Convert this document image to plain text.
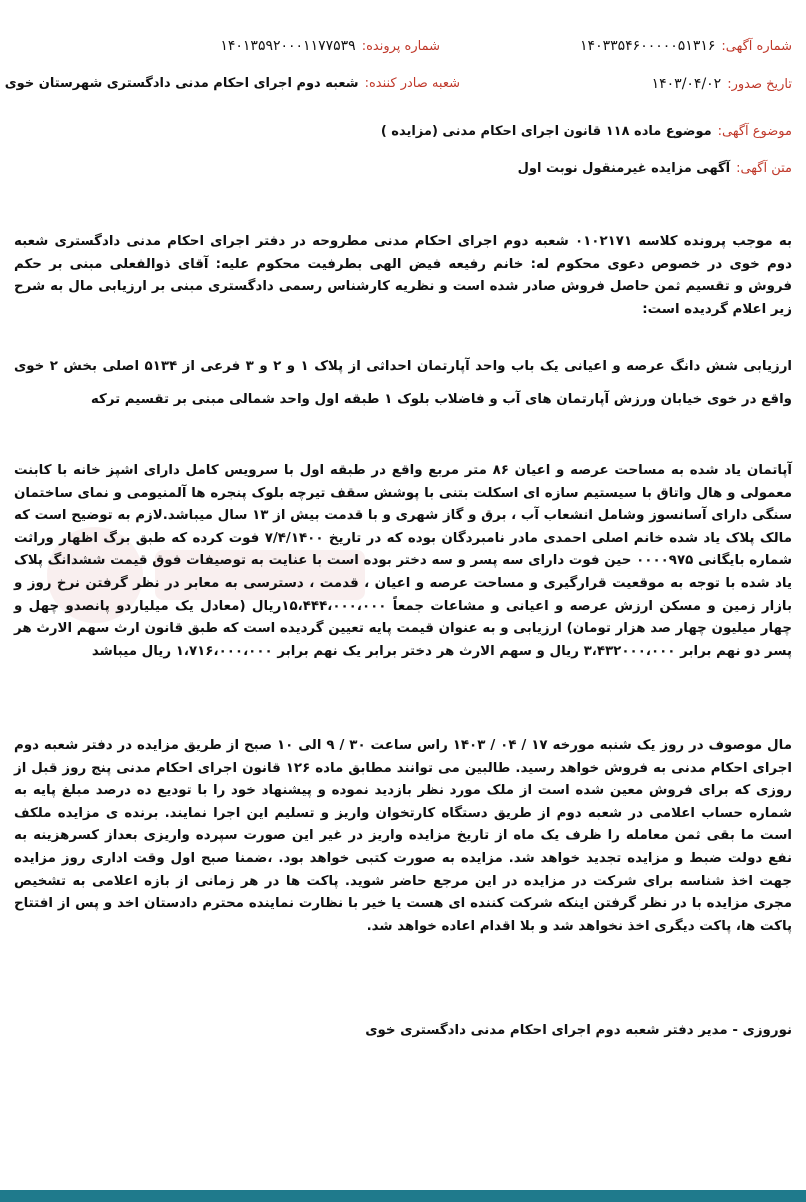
شماره آگهی:
۱۴۰۳۳۵۴۶۰۰۰۰۰۵۱۳۱۶
شماره پرونده:
۱۴۰۱۳۵۹۲۰۰۰۱۱۷۷۵۳۹
تاریخ صدور:
۱۴۰۳/۰۴/۰۲
شعبه صادر کننده:
شعبه دوم اجرای احکام مدنی دادگستری شهرستان خوی
موضوع آگهی:
موضوع ماده ۱۱۸ قانون اجرای احکام مدنی (مزایده )
متن آگهی:
آگهی مزایده غیرمنقول نوبت اول

به موجب پرونده کلاسه ۰۱۰۲۱۷۱ شعبه دوم اجرای احکام مدنی مطروحه در دفتر اجرای احکام مدنی دادگستری شعبه دوم خوی در خصوص دعوی محکوم له: خانم رفیعه فیض الهی بطرفیت محکوم علیه: آقای ذوالفعلی مبنی بر حکم فروش و تقسیم ثمن حاصل فروش صادر شده است و نظریه کارشناس رسمی دادگستری مبنی بر ارزیابی مال به شرح زیر اعلام گردیده است:

ارزیابی شش دانگ عرصه و اعیانی یک باب واحد آپارتمان احداثی از پلاک ۱ و ۲ و ۳ فرعی از ۵۱۳۴ اصلی بخش ۲ خوی واقع در خوی خیابان ورزش آپارتمان های آب و فاضلاب بلوک ۱ طبقه اول واحد شمالی مبنی بر تقسیم ترکه

آپاتمان یاد شده به مساحت عرصه و اعیان ۸۶ متر مربع واقع در طبقه اول با سرویس کامل دارای اشپز خانه با کابنت معمولی و هال واتاق با سیستیم سازه ای اسکلت بتنی با پوشش سقف تیرچه بلوک پنجره ها آلمنیومی و نمای ساختمان سنگی دارای آسانسوز وشامل انشعاب آب ، برق و گاز شهری و با قدمت بیش از ۱۳ سال میباشد.لازم به توضیح است که مالک پلاک یاد شده خانم اصلی احمدی مادر نامبردگان بوده که در تاریخ ۷/۴/۱۴۰۰ فوت کرده که طبق برگ اظهار وراثت شماره بایگانی ۰۰۰۰۹۷۵ حین فوت دارای سه پسر و سه دختر بوده است با عنایت به توصیفات فوق قیمت ششدانگ پلاک یاد شده با توجه به موقعیت قرارگیری و مساحت عرصه و اعیان ، قدمت ، دسترسی به معابر در نظر گرفتن نرخ روز و بازار زمین و مسکن ارزش عرصه و اعیانی و مشاعات جمعاً ۱۵،۴۴۴،۰۰۰،۰۰۰ریال (معادل یک میلیاردو پانصدو چهل و چهار میلیون چهار صد هزار تومان) ارزیابی و به عنوان قیمت پایه تعیین گردیده است که طبق قانون ارث سهم الارث هر پسر دو نهم برابر ۳،۴۳۲۰۰۰،۰۰۰ ریال و سهم الارث هر دختر برابر یک نهم برابر ۱،۷۱۶،۰۰۰،۰۰۰ ریال میباشد

مال موصوف در روز یک شنبه مورخه ۱۷ / ۰۴ / ۱۴۰۳ راس ساعت ۳۰ / ۹ الی ۱۰ صبح از طریق مزایده در دفتر شعبه دوم اجرای احکام مدنی به فروش خواهد رسید. طالبین می توانند مطابق ماده ۱۲۶ قانون اجرای احکام مدنی پنج روز قبل از روزی که برای فروش معین شده است از ملک مورد نظر بازدید نموده و پیشنهاد خود را با تودیع ده درصد مبلغ پایه به شماره حساب اعلامی در شعبه دوم از طریق دستگاه کارتخوان واریز و تسلیم این اجرا نمایند. برنده ی مزایده ملکف است ما بقی ثمن معامله را ظرف یک ماه از تاریخ مزایده واریز در غیر این صورت سپرده واریزی بعداز کسرهزینه به نفع دولت ضبط و مزایده تجدید خواهد شد. مزایده به صورت کتبی خواهد بود. ،ضمنا صبح اول وقت اداری روز مزایده جهت اخذ شناسه برای شرکت در مزایده در این مرجع حاضر شوید. پاکت ها در هر زمانی از بازه اعلامی به تشخیص مجری مزایده با در نظر گرفتن اینکه شرکت کننده ای هست یا خیر با نظارت نماینده محترم دادستان اخد و پس از افتتاح پاکت ها، پاکت دیگری اخذ نخواهد شد و بلا اقدام اعاده خواهد شد.

نوروزی - مدیر دفتر شعبه دوم اجرای احکام مدنی دادگستری خوی
